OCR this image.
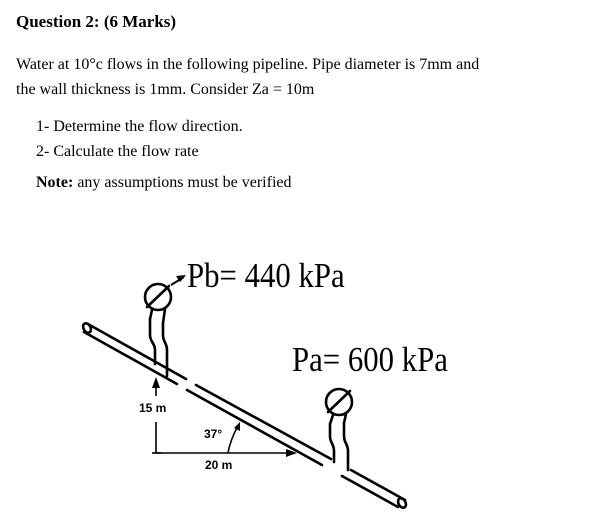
Question 2: (6 Marks)
Water at 10°c flows in the following pipeline. Pipe diameter is 7mm and
the wall thickness is 1mm. Consider Za = 10m
1- Determine the flow direction.
2- Calculate the flow rate
Note: any assumptions must be verified
Pb= 440 kPa
Pa= 600 kPa
15 m
20 m
37°
